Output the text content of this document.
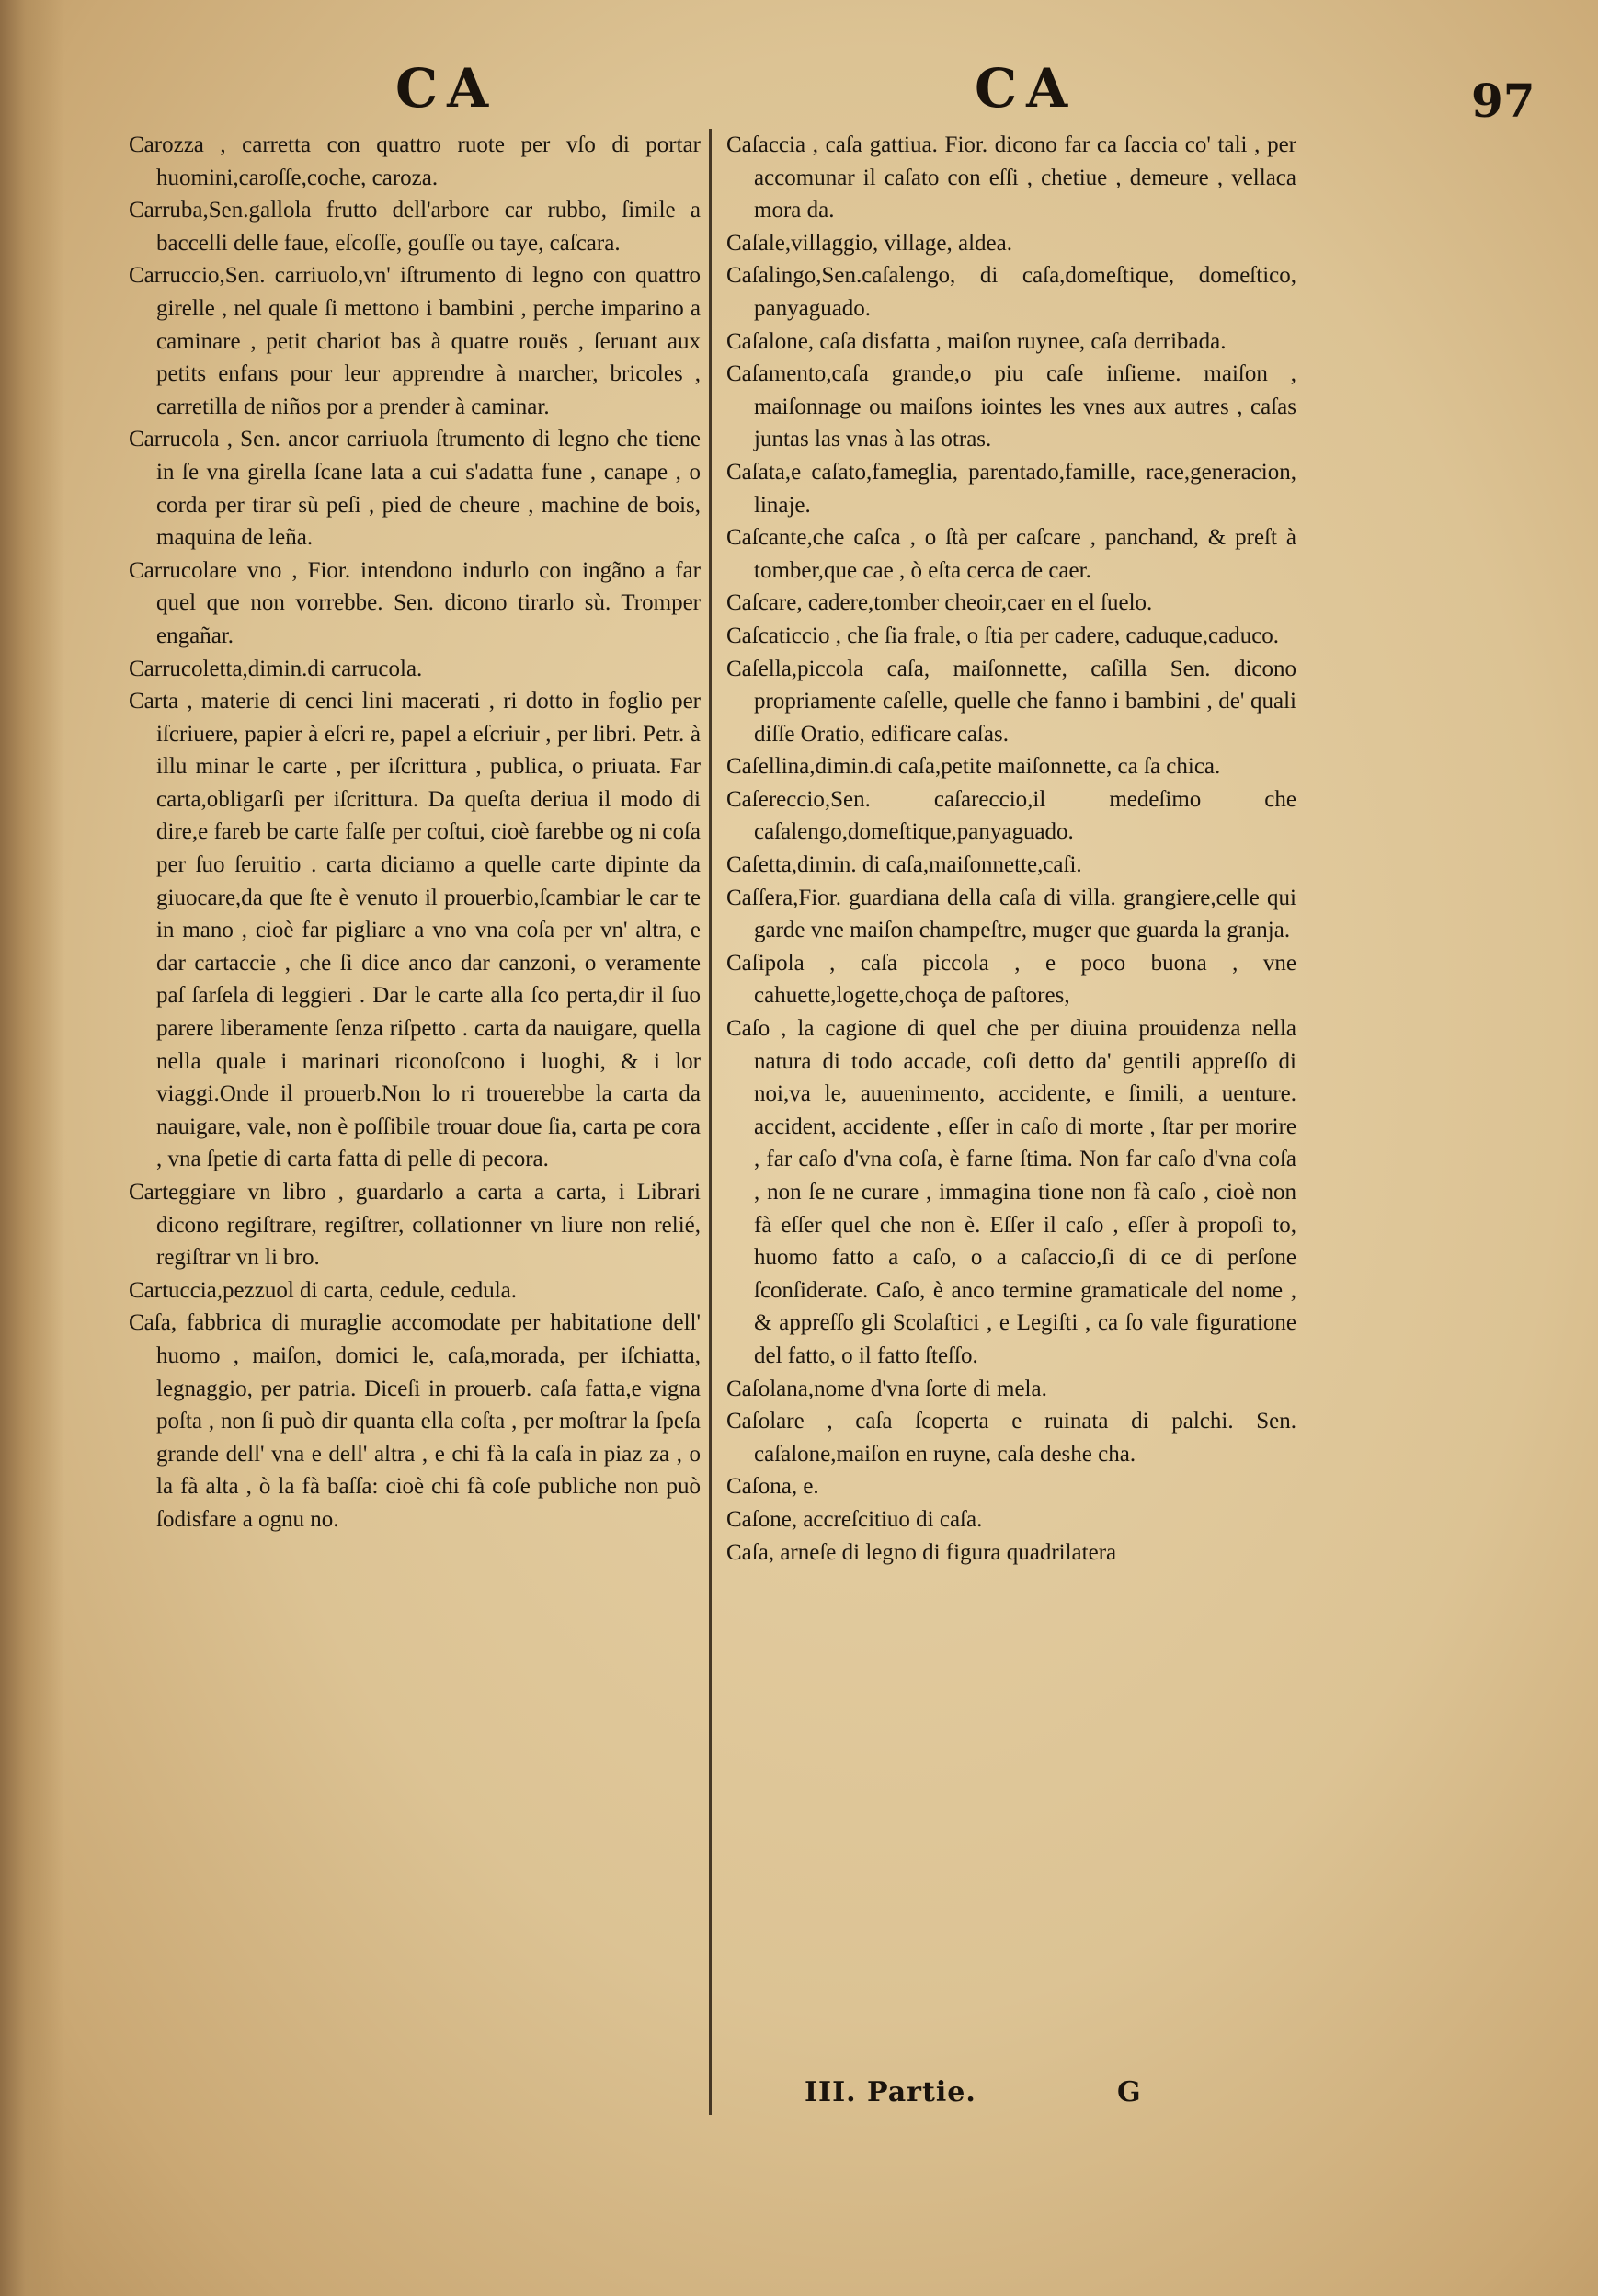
CA	CA	97

Carozza , carretta con quattro ruote per vſo di portar huomini,caroſſe,coche, caroza.

Carruba,Sen.gallola frutto dell'arbore car rubbo, ſimile a baccelli delle faue, eſcoſſe, gouſſe ou taye, caſcara.

Carruccio,Sen. carriuolo,vn' iſtrumento di legno con quattro girelle , nel quale ſi mettono i bambini , perche imparino a caminare , petit chariot bas à quatre rouës , ſeruant aux petits enfans pour leur apprendre à marcher, bricoles , carretilla de niños por a prender à caminar.

Carrucola , Sen. ancor carriuola ſtrumento di legno che tiene in ſe vna girella ſcane lata a cui s'adatta fune , canape , o corda per tirar sù peſi , pied de cheure , machine de bois, maquina de leña.

Carrucolare vno , Fior. intendono indurlo con ingãno a far quel que non vorrebbe. Sen. dicono tirarlo sù. Tromper engañar.

Carrucoletta,dimin.di carrucola.

Carta , materie di cenci lini macerati , ri dotto in foglio per iſcriuere, papier à eſcri re, papel a eſcriuir , per libri. Petr. à illu minar le carte , per iſcrittura , publica, o priuata. Far carta,obligarſi per iſcrittura. Da queſta deriua il modo di dire,e fareb be carte falſe per coſtui, cioè farebbe og ni coſa per ſuo ſeruitio . carta diciamo a quelle carte dipinte da giuocare,da que ſte è venuto il prouerbio,ſcambiar le car te in mano , cioè far pigliare a vno vna coſa per vn' altra, e dar cartaccie , che ſi dice anco dar canzoni, o veramente paſ ſarſela di leggieri . Dar le carte alla ſco perta,dir il ſuo parere liberamente ſenza riſpetto . carta da nauigare, quella nella quale i marinari riconoſcono i luoghi, & i lor viaggi.Onde il prouerb.Non lo ri trouerebbe la carta da nauigare, vale, non è poſſibile trouar doue ſia, carta pe cora , vna ſpetie di carta fatta di pelle di pecora.

Carteggiare vn libro , guardarlo a carta a carta, i Librari dicono regiſtrare, regiſtrer, collationner vn liure non relié, regiſtrar vn li bro.

Cartuccia,pezzuol di carta, cedule, cedula.

Caſa, fabbrica di muraglie accomodate per habitatione dell' huomo , maiſon, domici le, caſa,morada, per iſchiatta, legnaggio, per patria. Diceſi in prouerb. caſa fatta,e vigna poſta , non ſi può dir quanta ella coſta , per moſtrar la ſpeſa grande dell' vna e dell' altra , e chi fà la caſa in piaz za , o la fà alta , ò la fà baſſa: cioè chi fà coſe publiche non può ſodisfare a ognu no.

Caſaccia , caſa gattiua. Fior. dicono far ca ſaccia co' tali , per accomunar il caſato con eſſi , chetiue , demeure , vellaca mora da.

Caſale,villaggio, village, aldea.

Caſalingo,Sen.caſalengo, di caſa,domeſtique, domeſtico, panyaguado.

Caſalone, caſa disfatta , maiſon ruynee, caſa derribada.

Caſamento,caſa grande,o piu caſe inſieme. maiſon , maiſonnage ou maiſons iointes les vnes aux autres , caſas juntas las vnas à las otras.

Caſata,e caſato,fameglia, parentado,famille, race,generacion, linaje.

Caſcante,che caſca , o ſtà per caſcare , panchand, & preſt à tomber,que cae , ò eſta cerca de caer.

Caſcare, cadere,tomber cheoir,caer en el ſuelo.

Caſcaticcio , che ſia frale, o ſtia per cadere, caduque,caduco.

Caſella,piccola caſa, maiſonnette, caſilla Sen. dicono propriamente caſelle, quelle che fanno i bambini , de' quali diſſe Oratio, edificare caſas.

Caſellina,dimin.di caſa,petite maiſonnette, ca ſa chica.

Caſereccio,Sen. caſareccio,il medeſimo che caſalengo,domeſtique,panyaguado.

Caſetta,dimin. di caſa,maiſonnette,caſi.

Caſſera,Fior. guardiana della caſa di villa. grangiere,celle qui garde vne maiſon champeſtre, muger que guarda la granja.

Caſipola , caſa piccola , e poco buona , vne cahuette,logette,choça de paſtores,

Caſo , la cagione di quel che per diuina prouidenza nella natura di todo accade, coſi detto da' gentili appreſſo di noi,va le, auuenimento, accidente, e ſimili, a uenture. accident, accidente , eſſer in caſo di morte , ſtar per morire , far caſo d'vna coſa, è farne ſtima. Non far caſo d'vna coſa , non ſe ne curare , immagina tione non fà caſo , cioè non fà eſſer quel che non è. Eſſer il caſo , eſſer à propoſi to, huomo fatto a caſo, o a caſaccio,ſi di ce di perſone ſconſiderate. Caſo, è anco termine gramaticale del nome , & appreſſo gli Scolaſtici , e Legiſti , ca ſo vale figuratione del fatto, o il fatto ſteſſo.

Caſolana,nome d'vna ſorte di mela.

Caſolare , caſa ſcoperta e ruinata di palchi. Sen. caſalone,maiſon en ruyne, caſa deshe cha.

Caſona, e.

Caſone, accreſcitiuo di caſa.

Caſa, arneſe di legno di figura quadrilatera

III. Partie.	G
